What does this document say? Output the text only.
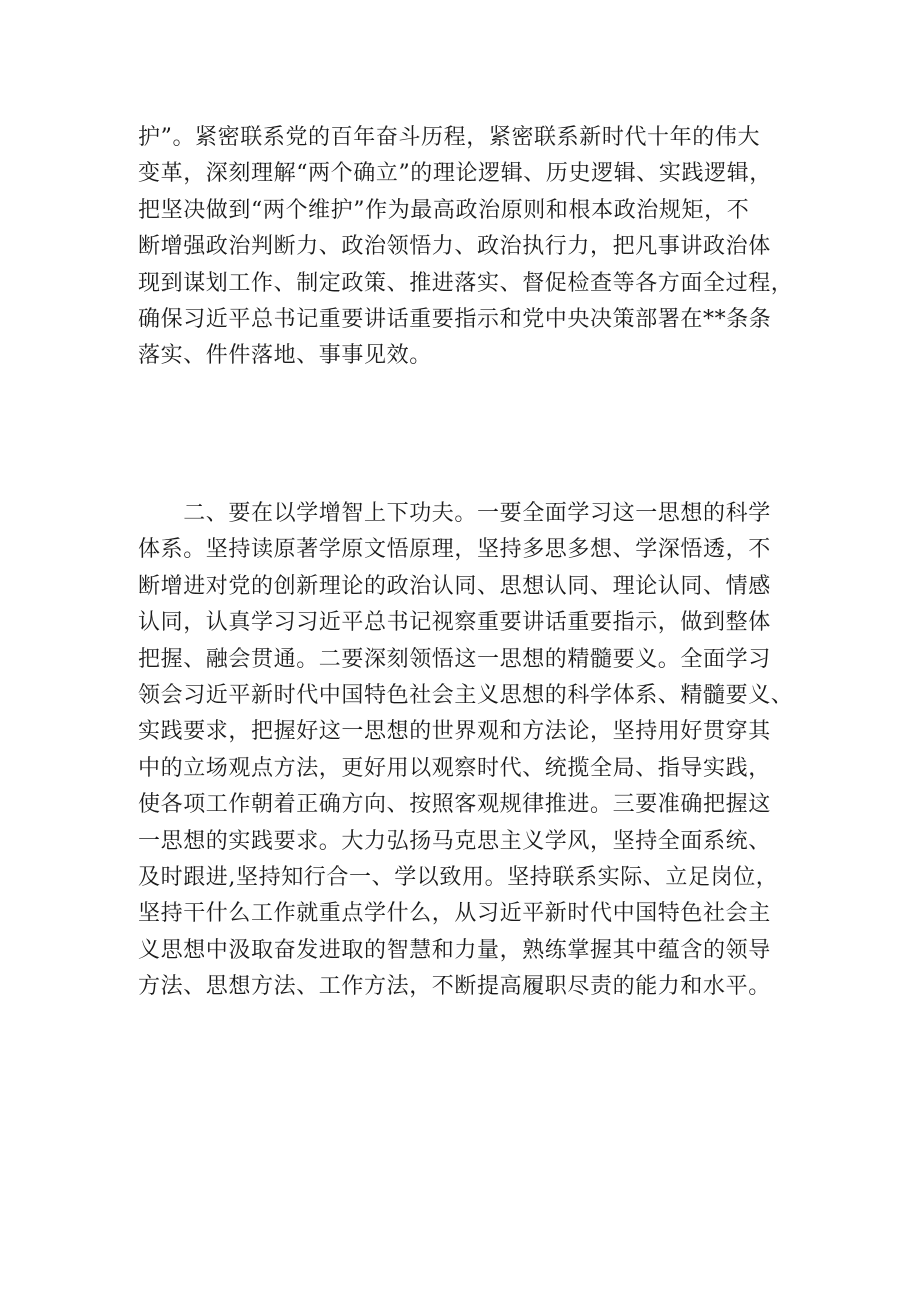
护”。紧密联系党的百年奋斗历程，紧密联系新时代十年的伟大
变革，深刻理解“两个确立”的理论逻辑、历史逻辑、实践逻辑，
把坚决做到“两个维护”作为最高政治原则和根本政治规矩，不
断增强政治判断力、政治领悟力、政治执行力，把凡事讲政治体
现到谋划工作、制定政策、推进落实、督促检查等各方面全过程，
确保习近平总书记重要讲话重要指示和党中央决策部署在**条条
落实、件件落地、事事见效。
　　二、要在以学增智上下功夫。一要全面学习这一思想的科学
体系。坚持读原著学原文悟原理，坚持多思多想、学深悟透，不
断增进对党的创新理论的政治认同、思想认同、理论认同、情感
认同，认真学习习近平总书记视察重要讲话重要指示，做到整体
把握、融会贯通。二要深刻领悟这一思想的精髓要义。全面学习
领会习近平新时代中国特色社会主义思想的科学体系、精髓要义、
实践要求，把握好这一思想的世界观和方法论，坚持用好贯穿其
中的立场观点方法，更好用以观察时代、统揽全局、指导实践，
使各项工作朝着正确方向、按照客观规律推进。三要准确把握这
一思想的实践要求。大力弘扬马克思主义学风，坚持全面系统、
及时跟进,坚持知行合一、学以致用。坚持联系实际、立足岗位，
坚持干什么工作就重点学什么，从习近平新时代中国特色社会主
义思想中汲取奋发进取的智慧和力量，熟练掌握其中蕴含的领导
方法、思想方法、工作方法，不断提高履职尽责的能力和水平。
